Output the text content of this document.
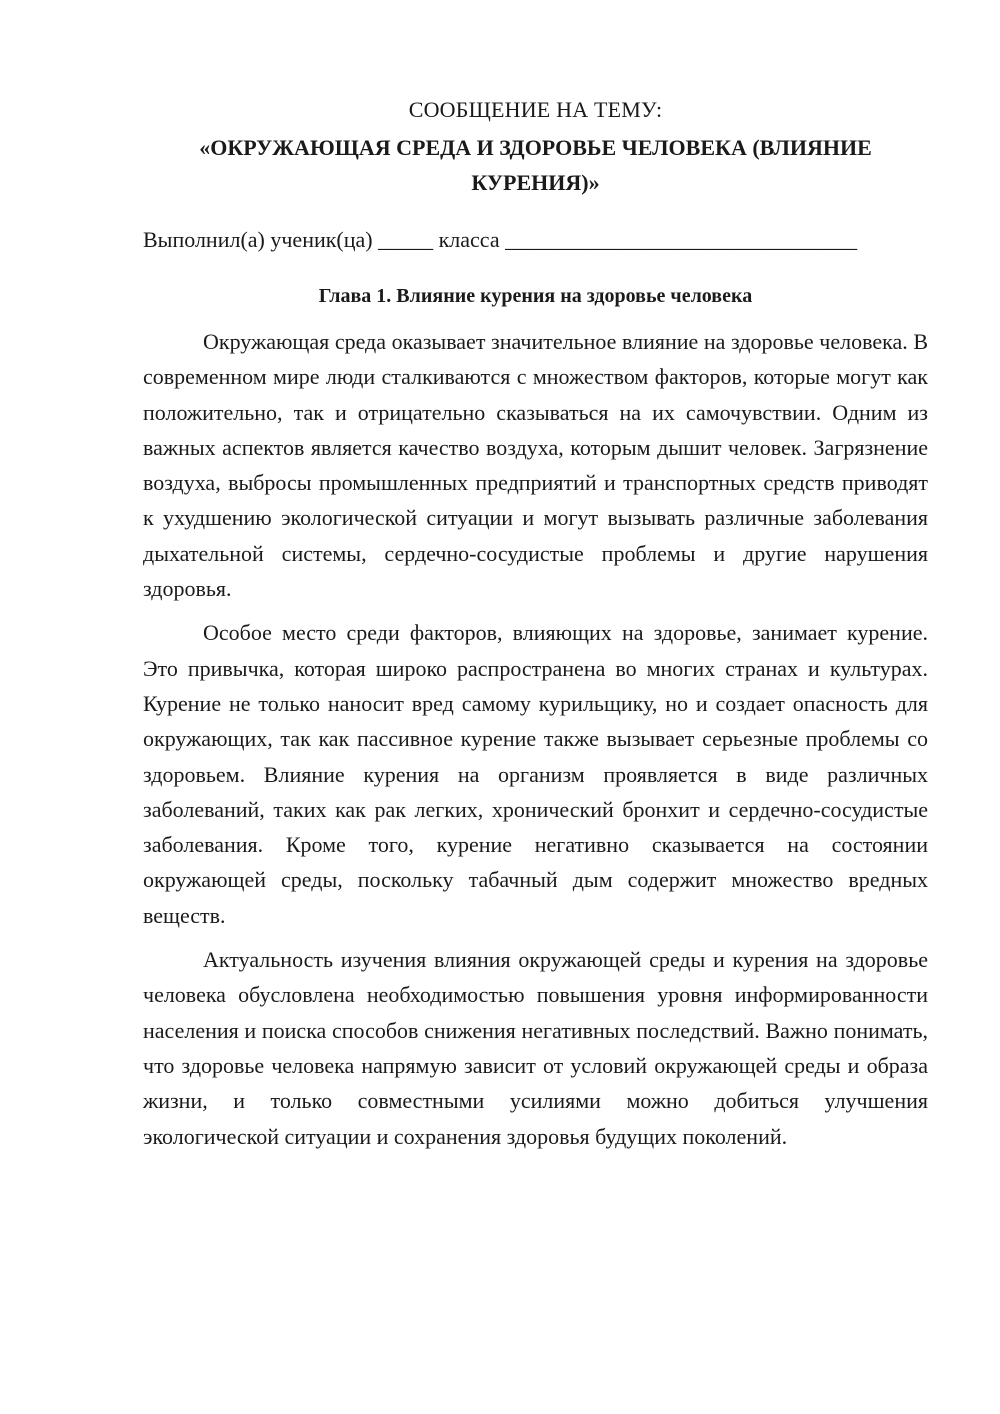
СООБЩЕНИЕ НА ТЕМУ:

«ОКРУЖАЮЩАЯ СРЕДА И ЗДОРОВЬЕ ЧЕЛОВЕКА (ВЛИЯНИЕ КУРЕНИЯ)»

Выполнил(а) ученик(ца) _____ класса ________________________________

Глава 1. Влияние курения на здоровье человека

Окружающая среда оказывает значительное влияние на здоровье человека. В современном мире люди сталкиваются с множеством факторов, которые могут как положительно, так и отрицательно сказываться на их самочувствии. Одним из важных аспектов является качество воздуха, которым дышит человек. Загрязнение воздуха, выбросы промышленных предприятий и транспортных средств приводят к ухудшению экологической ситуации и могут вызывать различные заболевания дыхательной системы, сердечно-сосудистые проблемы и другие нарушения здоровья.

Особое место среди факторов, влияющих на здоровье, занимает курение. Это привычка, которая широко распространена во многих странах и культурах. Курение не только наносит вред самому курильщику, но и создает опасность для окружающих, так как пассивное курение также вызывает серьезные проблемы со здоровьем. Влияние курения на организм проявляется в виде различных заболеваний, таких как рак легких, хронический бронхит и сердечно-сосудистые заболевания. Кроме того, курение негативно сказывается на состоянии окружающей среды, поскольку табачный дым содержит множество вредных веществ.

Актуальность изучения влияния окружающей среды и курения на здоровье человека обусловлена необходимостью повышения уровня информированности населения и поиска способов снижения негативных последствий. Важно понимать, что здоровье человека напрямую зависит от условий окружающей среды и образа жизни, и только совместными усилиями можно добиться улучшения экологической ситуации и сохранения здоровья будущих поколений.
